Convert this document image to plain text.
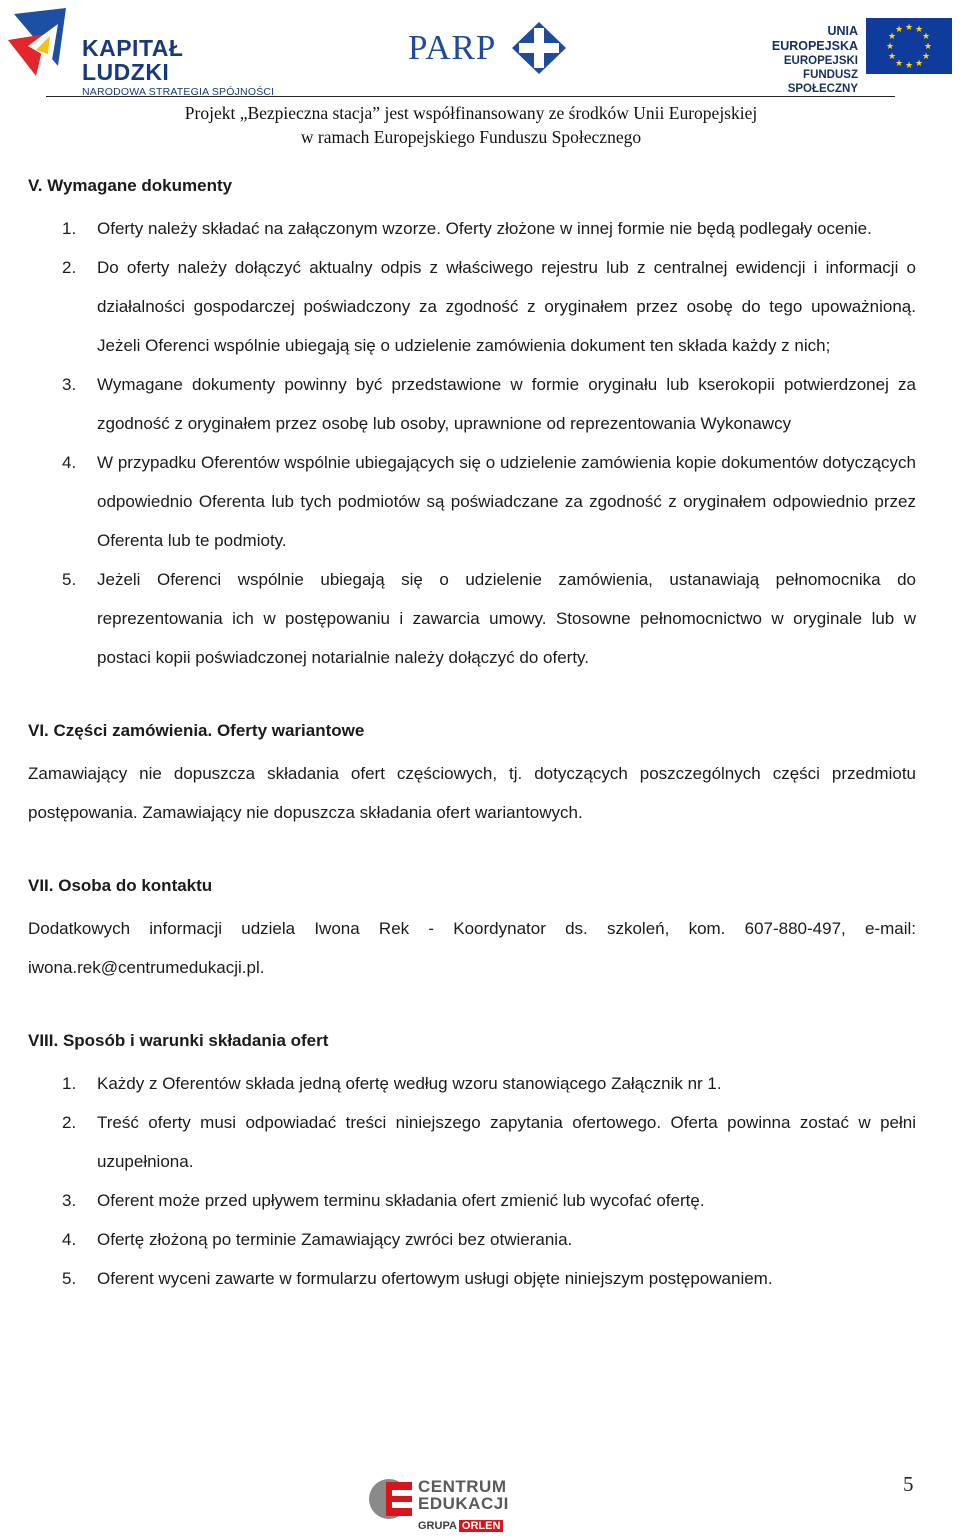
KAPITAŁ LUDZKI
NARODOWA STRATEGIA SPÓJNOŚCI
PARP	UNIA EUROPEJSKA
EUROPEJSKI
FUNDUSZ SPOŁECZNY
★ ★
★
★
★
★
★
★
★
★
★
★
Projekt „Bezpieczna stacja” jest współfinansowany ze środków Unii Europejskiej
w ramach Europejskiego Funduszu Społecznego
V. Wymagane dokumenty
1. Oferty należy składać na załączonym wzorze. Oferty złożone w innej formie nie będą podlegały ocenie.
2. Do oferty należy dołączyć aktualny odpis z właściwego rejestru lub z centralnej ewidencji i informacji o działalności gospodarczej poświadczony za zgodność z oryginałem przez osobę do tego upoważnioną. Jeżeli Oferenci wspólnie ubiegają się o udzielenie zamówienia dokument ten składa każdy z nich;
3. Wymagane dokumenty powinny być przedstawione w formie oryginału lub kserokopii potwierdzonej za zgodność z oryginałem przez osobę lub osoby, uprawnione od reprezentowania Wykonawcy
4. W przypadku Oferentów wspólnie ubiegających się o udzielenie zamówienia kopie dokumentów dotyczących odpowiednio Oferenta lub tych podmiotów są poświadczane za zgodność z oryginałem odpowiednio przez Oferenta lub te podmioty.
5. Jeżeli Oferenci wspólnie ubiegają się o udzielenie zamówienia, ustanawiają pełnomocnika do reprezentowania ich w postępowaniu i zawarcia umowy. Stosowne pełnomocnictwo w oryginale lub w postaci kopii poświadczonej notarialnie należy dołączyć do oferty.
VI. Części zamówienia. Oferty wariantowe
Zamawiający nie dopuszcza składania ofert częściowych, tj. dotyczących poszczególnych części przedmiotu postępowania. Zamawiający nie dopuszcza składania ofert wariantowych.
VII. Osoba do kontaktu
Dodatkowych informacji udziela Iwona Rek - Koordynator ds. szkoleń, kom. 607-880-497, e-mail: iwona.rek@centrumedukacji.pl.
VIII. Sposób i warunki składania ofert
1. Każdy z Oferentów składa jedną ofertę według wzoru stanowiącego Załącznik nr 1.
2. Treść oferty musi odpowiadać treści niniejszego zapytania ofertowego. Oferta powinna zostać w pełni uzupełniona.
3. Oferent może przed upływem terminu składania ofert zmienić lub wycofać ofertę.
4. Ofertę złożoną po terminie Zamawiający zwróci bez otwierania.
5. Oferent wyceni zawarte w formularzu ofertowym usługi objęte niniejszym postępowaniem.
CENTRUM
EDUKACJI
GRUPA ORLEN
5
